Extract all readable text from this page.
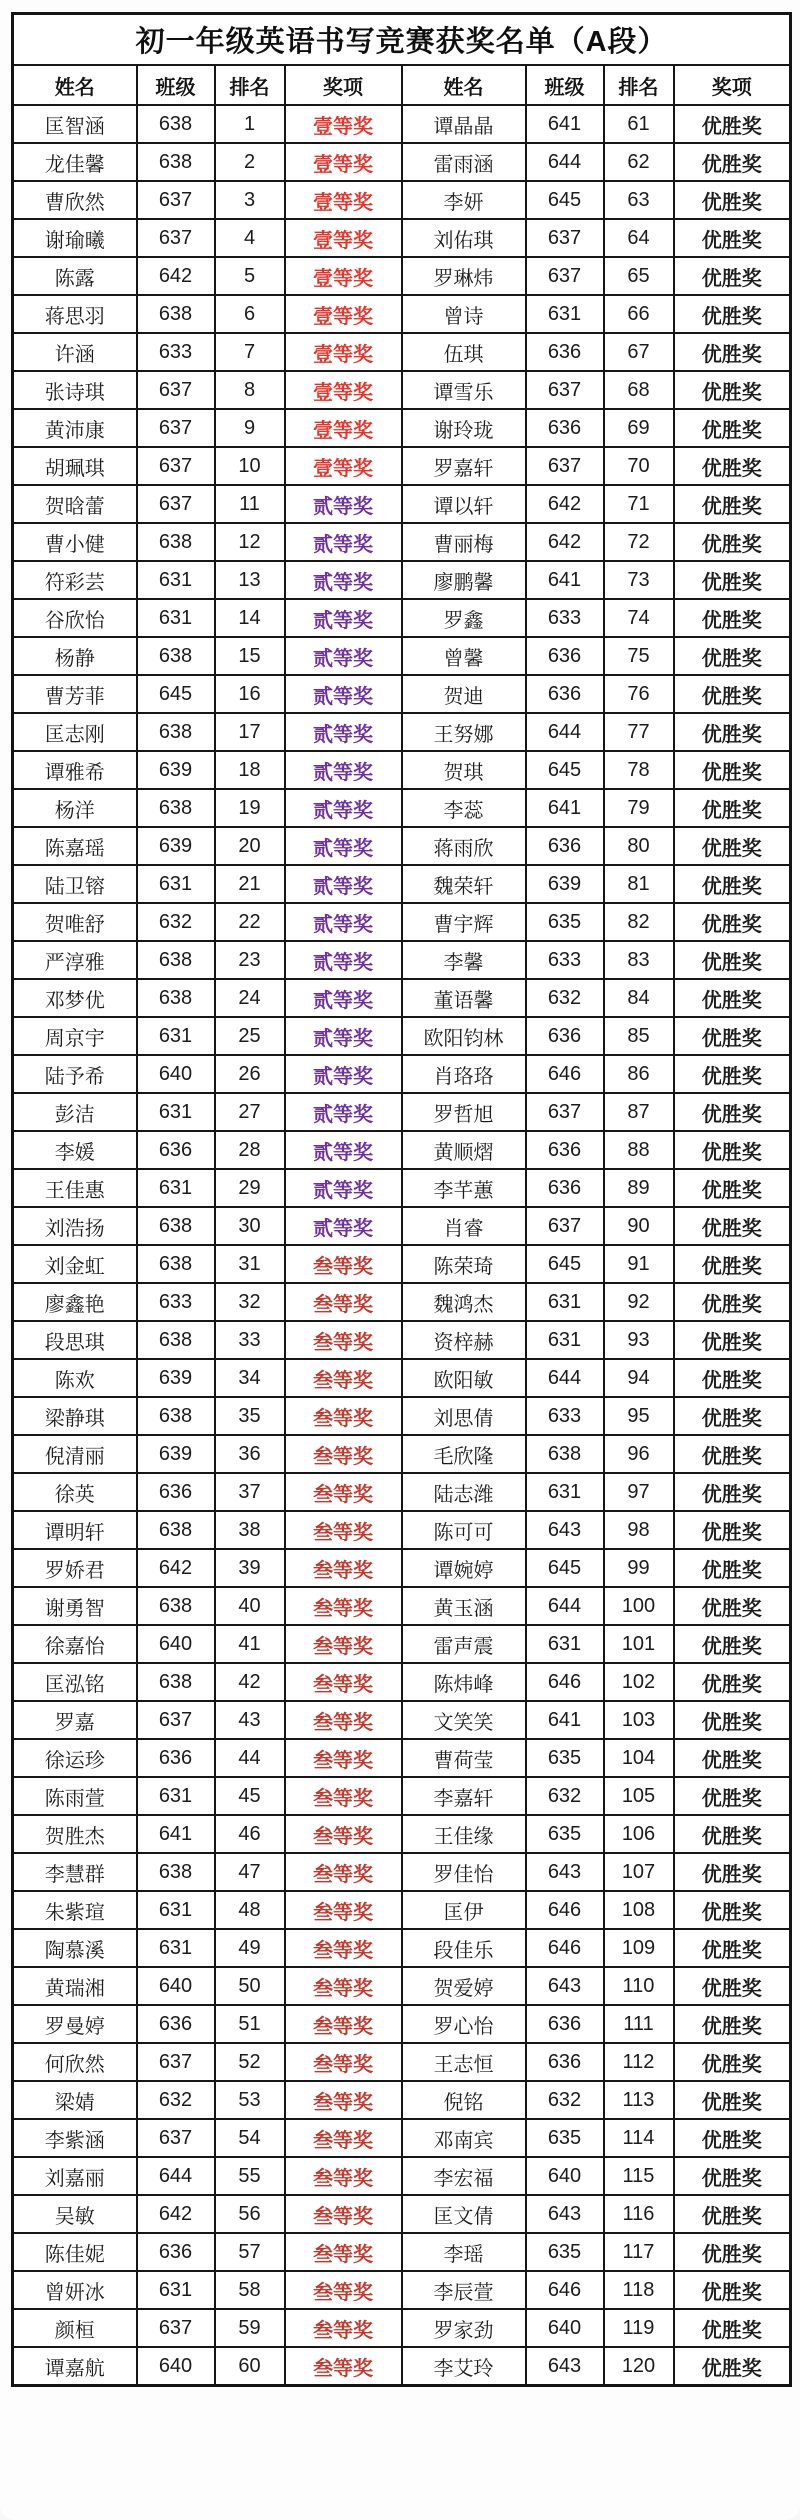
初一年级英语书写竞赛获奖名单（A段）							
姓名	班级	排名	奖项	姓名	班级	排名	奖项
匡智涵	638	1	壹等奖	谭晶晶	641	61	优胜奖
龙佳馨	638	2	壹等奖	雷雨涵	644	62	优胜奖
曹欣然	637	3	壹等奖	李妍	645	63	优胜奖
谢瑜曦	637	4	壹等奖	刘佑琪	637	64	优胜奖
陈露	642	5	壹等奖	罗琳炜	637	65	优胜奖
蒋思羽	638	6	壹等奖	曾诗	631	66	优胜奖
许涵	633	7	壹等奖	伍琪	636	67	优胜奖
张诗琪	637	8	壹等奖	谭雪乐	637	68	优胜奖
黄沛康	637	9	壹等奖	谢玲珑	636	69	优胜奖
胡珮琪	637	10	壹等奖	罗嘉轩	637	70	优胜奖
贺晗蕾	637	11	贰等奖	谭以轩	642	71	优胜奖
曹小健	638	12	贰等奖	曹丽梅	642	72	优胜奖
符彩芸	631	13	贰等奖	廖鹏馨	641	73	优胜奖
谷欣怡	631	14	贰等奖	罗鑫	633	74	优胜奖
杨静	638	15	贰等奖	曾馨	636	75	优胜奖
曹芳菲	645	16	贰等奖	贺迪	636	76	优胜奖
匡志刚	638	17	贰等奖	王努娜	644	77	优胜奖
谭雅希	639	18	贰等奖	贺琪	645	78	优胜奖
杨洋	638	19	贰等奖	李蕊	641	79	优胜奖
陈嘉瑶	639	20	贰等奖	蒋雨欣	636	80	优胜奖
陆卫镕	631	21	贰等奖	魏荣轩	639	81	优胜奖
贺唯舒	632	22	贰等奖	曹宇辉	635	82	优胜奖
严淳雅	638	23	贰等奖	李馨	633	83	优胜奖
邓梦优	638	24	贰等奖	董语馨	632	84	优胜奖
周京宇	631	25	贰等奖	欧阳钧林	636	85	优胜奖
陆予希	640	26	贰等奖	肖珞珞	646	86	优胜奖
彭洁	631	27	贰等奖	罗哲旭	637	87	优胜奖
李媛	636	28	贰等奖	黄顺熠	636	88	优胜奖
王佳惠	631	29	贰等奖	李芊蕙	636	89	优胜奖
刘浩扬	638	30	贰等奖	肖睿	637	90	优胜奖
刘金虹	638	31	叁等奖	陈荣琦	645	91	优胜奖
廖鑫艳	633	32	叁等奖	魏鸿杰	631	92	优胜奖
段思琪	638	33	叁等奖	资梓赫	631	93	优胜奖
陈欢	639	34	叁等奖	欧阳敏	644	94	优胜奖
梁静琪	638	35	叁等奖	刘思倩	633	95	优胜奖
倪清丽	639	36	叁等奖	毛欣隆	638	96	优胜奖
徐英	636	37	叁等奖	陆志潍	631	97	优胜奖
谭明轩	638	38	叁等奖	陈可可	643	98	优胜奖
罗娇君	642	39	叁等奖	谭婉婷	645	99	优胜奖
谢勇智	638	40	叁等奖	黄玉涵	644	100	优胜奖
徐嘉怡	640	41	叁等奖	雷声震	631	101	优胜奖
匡泓铭	638	42	叁等奖	陈炜峰	646	102	优胜奖
罗嘉	637	43	叁等奖	文笑笑	641	103	优胜奖
徐运珍	636	44	叁等奖	曹荷莹	635	104	优胜奖
陈雨萱	631	45	叁等奖	李嘉轩	632	105	优胜奖
贺胜杰	641	46	叁等奖	王佳缘	635	106	优胜奖
李慧群	638	47	叁等奖	罗佳怡	643	107	优胜奖
朱紫瑄	631	48	叁等奖	匡伊	646	108	优胜奖
陶慕溪	631	49	叁等奖	段佳乐	646	109	优胜奖
黄瑞湘	640	50	叁等奖	贺爱婷	643	110	优胜奖
罗曼婷	636	51	叁等奖	罗心怡	636	111	优胜奖
何欣然	637	52	叁等奖	王志恒	636	112	优胜奖
梁婧	632	53	叁等奖	倪铭	632	113	优胜奖
李紫涵	637	54	叁等奖	邓南宾	635	114	优胜奖
刘嘉丽	644	55	叁等奖	李宏福	640	115	优胜奖
吴敏	642	56	叁等奖	匡文倩	643	116	优胜奖
陈佳妮	636	57	叁等奖	李瑶	635	117	优胜奖
曾妍冰	631	58	叁等奖	李辰萱	646	118	优胜奖
颜桓	637	59	叁等奖	罗家劲	640	119	优胜奖
谭嘉航	640	60	叁等奖	李艾玲	643	120	优胜奖
